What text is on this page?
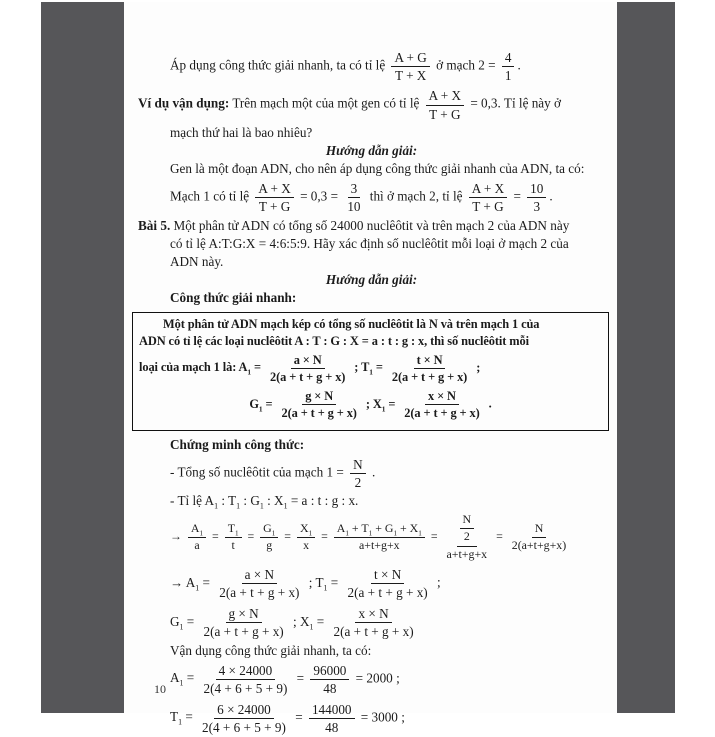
Áp dụng công thức giải nhanh, ta có tỉ lệ $\frac{A + G}{T + X}$ ở mạch $2 = \frac{4}{1}$ .
Ví dụ vận dụng: Trên mạch một của một gen có tỉ lệ $\frac{A + X}{T + G} = 0,3$. Tỉ lệ này ở
mạch thứ hai là bao nhiêu?
Hướng dẫn giải:
Gen là một đoạn ADN, cho nên áp dụng công thức giải nhanh của ADN, ta có:
Mạch 1 có tỉ lệ $\frac{A + X}{T + G} = 0,3 = \frac{3}{10}$ thì ở mạch 2, tỉ lệ $\frac{A + X}{T + G} = \frac{10}{3}$ .
Bài 5. Một phân tử ADN có tổng số 24000 nuclêôtit và trên mạch 2 của ADN này
có tỉ lệ A:T:G:X = 4:6:5:9. Hãy xác định số nuclêôtit mỗi loại ở mạch 2 của
ADN này.
Hướng dẫn giải:
Công thức giải nhanh:
Một phân tử ADN mạch kép có tổng số nuclêôtit là N và trên mạch 1 của
ADN có tỉ lệ các loại nuclêôtit A : T : G : X = a : t : g : x, thì số nuclêôtit mỗi
loại của mạch 1 là: $A_1 = \frac{a \times N}{2(a + t + g + x)}$ ; $T_1 = \frac{t \times N}{2(a + t + g + x)}$ ;
$G_1 = \frac{g \times N}{2(a + t + g + x)}$ ; $X_1 = \frac{x \times N}{2(a + t + g + x)}$ .
Chứng minh công thức:
- Tổng số nuclêôtit của mạch $1 = \frac{N}{2}$ .
- Tỉ lệ $A_1$ : $T_1$ : $G_1$ : $X_1 = a$ : t : g : x.
→ $\frac{A_1}{a} = \frac{T_1}{t} = \frac{G_1}{g} = \frac{X_1}{x} = \frac{A_1 + T_1 + G_1 + X_1}{a+t+g+x} = \frac{\frac{N}{2}}{a+t+g+x} = \frac{N}{2(a+t+g+x)}$
→ $A_1 = \frac{a \times N}{2(a + t + g + x)}$ ; $T_1 = \frac{t \times N}{2(a + t + g + x)}$ ;
$G_1 = \frac{g \times N}{2(a + t + g + x)}$ ; $X_1 = \frac{x \times N}{2(a + t + g + x)}$
Vận dụng công thức giải nhanh, ta có:
$A_1 = \frac{4 \times 24000}{2(4 + 6 + 5 + 9)} = \frac{96000}{48} = 2000$ ;
$T_1 = \frac{6 \times 24000}{2(4 + 6 + 5 + 9)} = \frac{144000}{48} = 3000$ ;
10
